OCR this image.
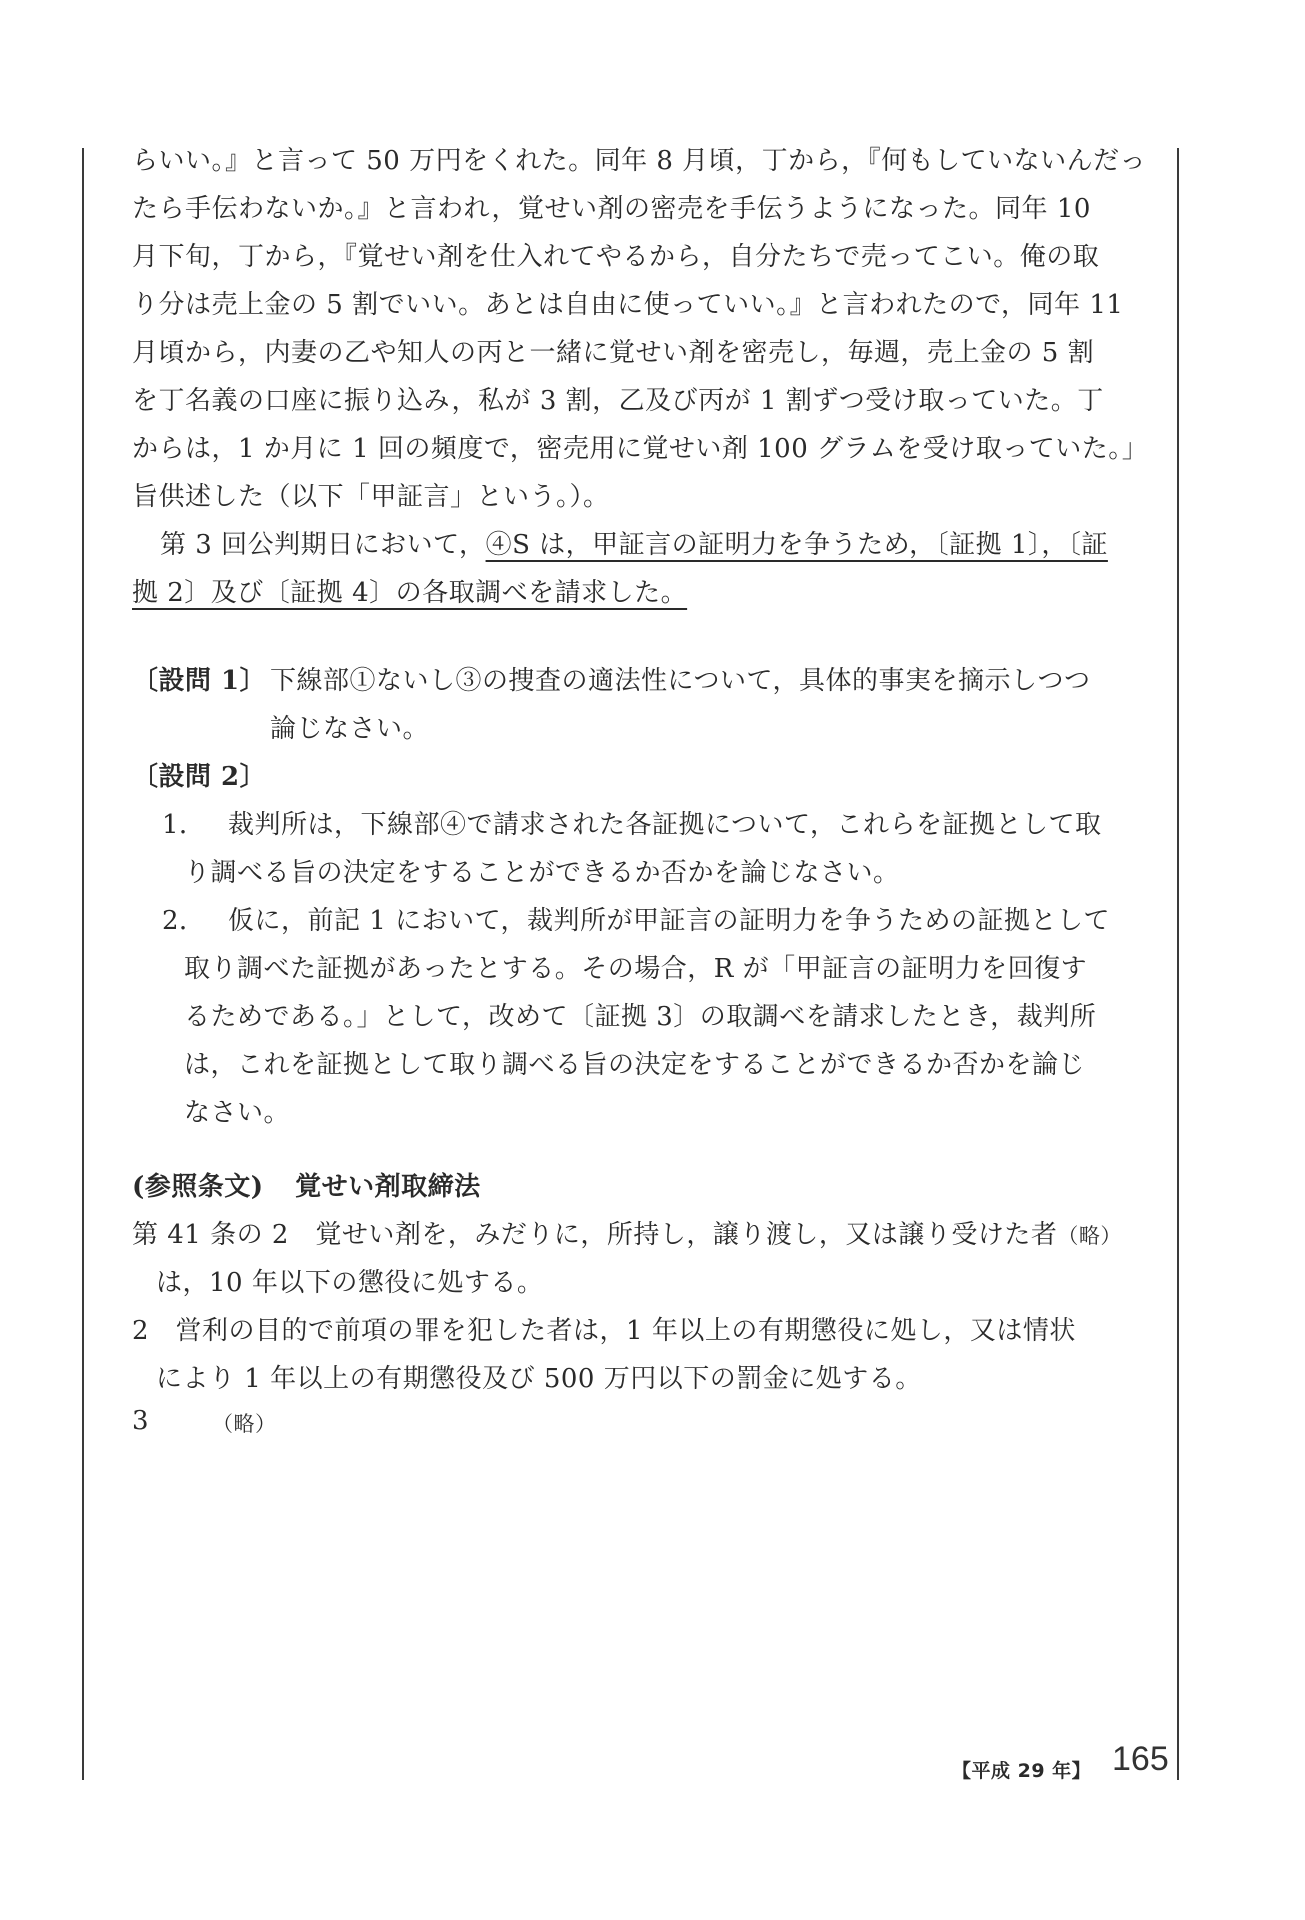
らいい。』と言って 50 万円をくれた。同年 8 月頃，丁から，『何もしていないんだっ
たら手伝わないか。』と言われ，覚せい剤の密売を手伝うようになった。同年 10
月下旬，丁から，『覚せい剤を仕入れてやるから，自分たちで売ってこい。俺の取
り分は売上金の 5 割でいい。あとは自由に使っていい。』と言われたので，同年 11
月頃から，内妻の乙や知人の丙と一緒に覚せい剤を密売し，毎週，売上金の 5 割
を丁名義の口座に振り込み，私が 3 割，乙及び丙が 1 割ずつ受け取っていた。丁
からは，1 か月に 1 回の頻度で，密売用に覚せい剤 100 グラムを受け取っていた。」
旨供述した（以下「甲証言」という。）。
第 3 回公判期日において，④S は，甲証言の証明力を争うため，〔証拠 1〕，〔証
拠 2〕及び〔証拠 4〕の各取調べを請求した。
〔設問 1〕 下線部①ないし③の捜査の適法性について，具体的事実を摘示しつつ
論じなさい。
〔設問 2〕
1． 裁判所は，下線部④で請求された各証拠について，これらを証拠として取
り調べる旨の決定をすることができるか否かを論じなさい。
2． 仮に，前記 1 において，裁判所が甲証言の証明力を争うための証拠として
取り調べた証拠があったとする。その場合，R が「甲証言の証明力を回復す
るためである。」として，改めて〔証拠 3〕の取調べを請求したとき，裁判所
は，これを証拠として取り調べる旨の決定をすることができるか否かを論じ
なさい。
(参照条文) 覚せい剤取締法
第 41 条の 2　覚せい剤を，みだりに，所持し，譲り渡し，又は譲り受けた者（略）
は，10 年以下の懲役に処する。
2　営利の目的で前項の罪を犯した者は，1 年以上の有期懲役に処し，又は情状
により 1 年以上の有期懲役及び 500 万円以下の罰金に処する。
3	（略）
【平成 29 年】 165
